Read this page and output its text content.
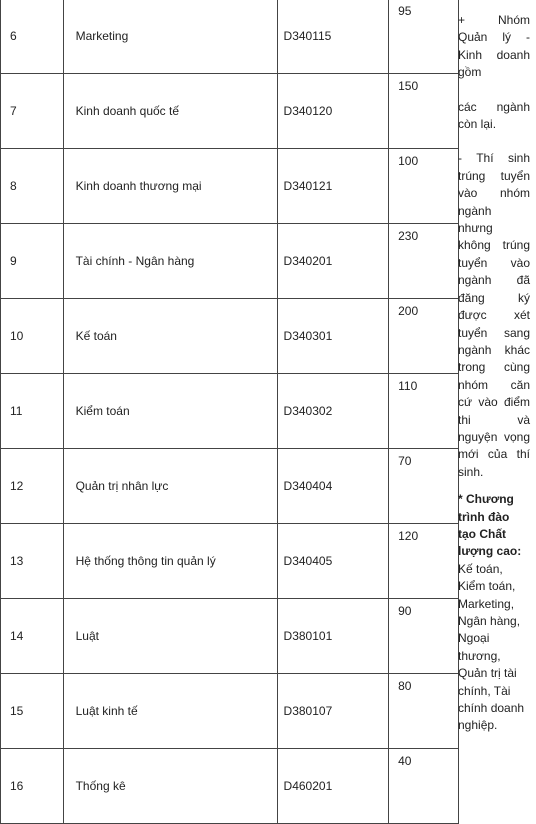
6	Marketing	D340115	95	
7	Kinh doanh quốc tế	D340120	150	
8	Kinh doanh thương mại	D340121	100	
9	Tài chính - Ngân hàng	D340201	230	
10	Kế toán	D340301	200	
11	Kiểm toán	D340302	110	
12	Quản trị nhân lực	D340404	70	
13	Hệ thống thông tin quản lý	D340405	120	
14	Luật	D380101	90	
15	Luật kinh tế	D380107	80	
16	Thống kê	D460201	40	

+ Nhóm

Quản lý -

Kinh doanh

gồm

các ngành

còn lại.

- Thí sinh

trúng tuyển

vào nhóm

ngành

nhưng

không trúng

tuyển vào

ngành đã

đăng ký

được xét

tuyển sang

ngành khác

trong cùng

nhóm căn

cứ vào điểm

thi và

nguyện vọng

mới của thí

sinh.

* Chương

trình đào

tạo Chất

lượng cao:

Kế toán,

Kiểm toán,

Marketing,

Ngân hàng,

Ngoại

thương,

Quản trị tài

chính, Tài

chính doanh

nghiệp.
